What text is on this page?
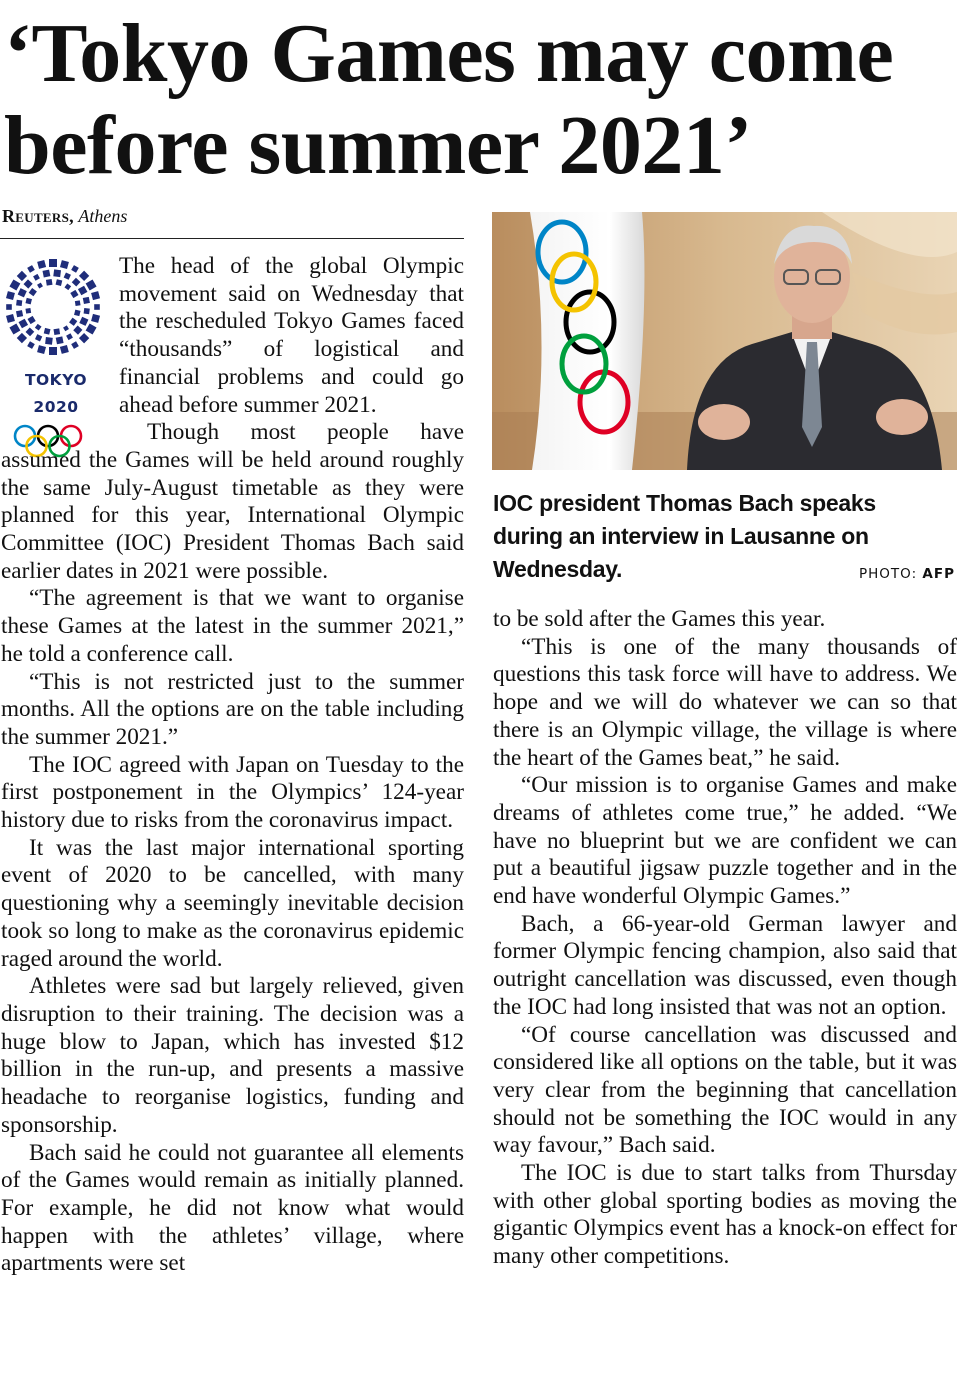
‘Tokyo Games may come before summer 2021’
Reuters, Athens
TOKYO 2020

The head of the global Olympic movement said on Wednesday that the rescheduled Tokyo Games faced “thousands” of logistical and financial problems and could go ahead before summer 2021.

Though most people have assumed the Games will be held around roughly the same July-August timetable as they were planned for this year, International Olympic Committee (IOC) President Thomas Bach said earlier dates in 2021 were possible.

“The agreement is that we want to organise these Games at the latest in the summer 2021,” he told a conference call.

“This is not restricted just to the summer months. All the options are on the table including the summer 2021.”

The IOC agreed with Japan on Tuesday to the first postponement in the Olympics’ 124-year history due to risks from the coronavirus impact.

It was the last major international sporting event of 2020 to be cancelled, with many questioning why a seemingly inevitable decision took so long to make as the coronavirus epidemic raged around the world.

Athletes were sad but largely relieved, given disruption to their training. The decision was a huge blow to Japan, which has invested $12 billion in the run-up, and presents a massive headache to reorganise logistics, funding and sponsorship.

Bach said he could not guarantee all elements of the Games would remain as initially planned. For example, he did not know what would happen with the athletes’ village, where apartments were set

IOC president Thomas Bach speaks during an interview in Lausanne on Wednesday.	PHOTO: AFP

to be sold after the Games this year.

“This is one of the many thousands of questions this task force will have to address. We hope and we will do whatever we can so that there is an Olympic village, the village is where the heart of the Games beat,” he said.

“Our mission is to organise Games and make dreams of athletes come true,” he added. “We have no blueprint but we are confident we can put a beautiful jigsaw puzzle together and in the end have wonderful Olympic Games.”

Bach, a 66-year-old German lawyer and former Olympic fencing champion, also said that outright cancellation was discussed, even though the IOC had long insisted that was not an option.

“Of course cancellation was discussed and considered like all options on the table, but it was very clear from the beginning that cancellation should not be something the IOC would in any way favour,” Bach said.

The IOC is due to start talks from Thursday with other global sporting bodies as moving the gigantic Olympics event has a knock-on effect for many other competitions.
